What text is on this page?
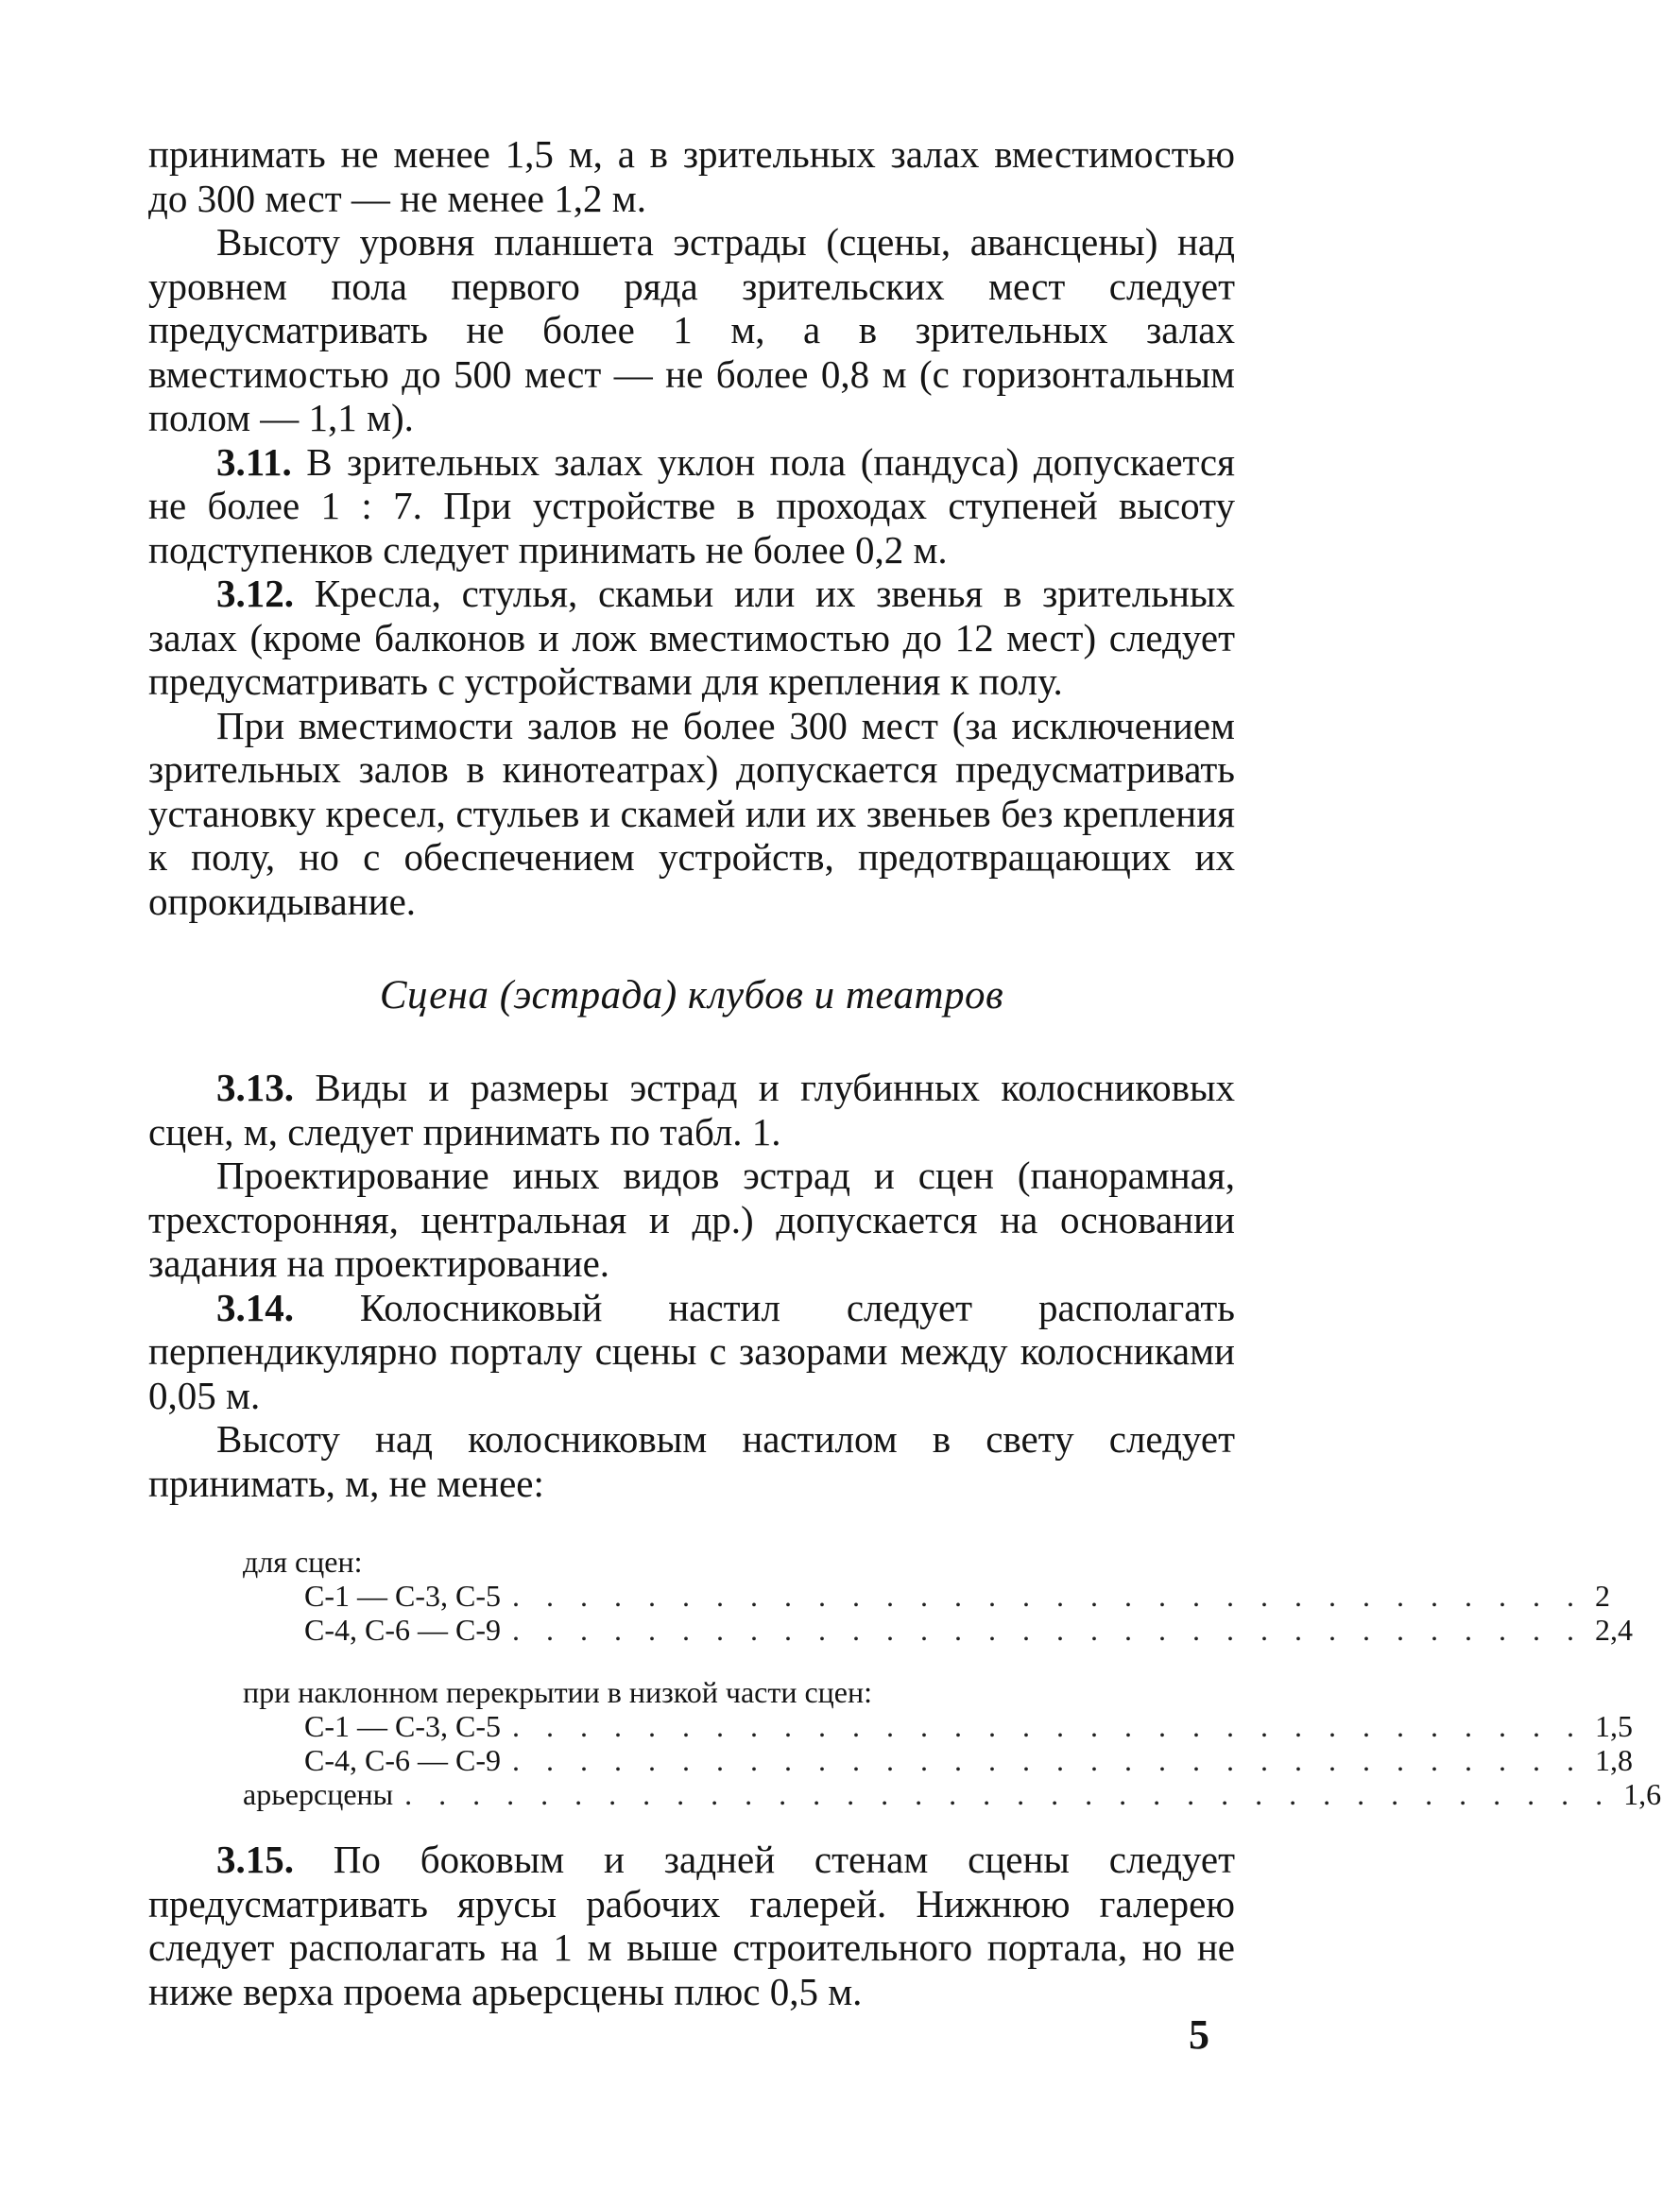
принимать не менее 1,5 м, а в зрительных залах вместимостью до 300 мест — не менее 1,2 м.

Высоту уровня планшета эстрады (сцены, авансцены) над уровнем пола первого ряда зрительских мест следует предусматривать не более 1 м, а в зрительных залах вместимостью до 500 мест — не более 0,8 м (с горизонтальным полом — 1,1 м).

3.11. В зрительных залах уклон пола (пандуса) допускается не более 1 : 7. При устройстве в проходах ступеней высоту подступенков следует принимать не более 0,2 м.

3.12. Кресла, стулья, скамьи или их звенья в зрительных залах (кроме балконов и лож вместимостью до 12 мест) следует предусматривать с устройствами для крепления к полу.

При вместимости залов не более 300 мест (за исключением зрительных залов в кинотеатрах) допускается предусматривать установку кресел, стульев и скамей или их звеньев без крепления к полу, но с обеспечением устройств, предотвращающих их опрокидывание.

Сцена (эстрада) клубов и театров

3.13. Виды и размеры эстрад и глубинных колосниковых сцен, м, следует принимать по табл. 1.

Проектирование иных видов эстрад и сцен (панорамная, трехсторонняя, центральная и др.) допускается на основании задания на проектирование.

3.14. Колосниковый настил следует располагать перпендикулярно порталу сцены с зазорами между колосниками 0,05 м.

Высоту над колосниковым настилом в свету следует принимать, м, не менее:

для сцен:
С-1 — С-3, С-5 . . . . . . . . . . . . . . . . . . . . . . . . . . . . . . . . 2
С-4, С-6 — С-9 . . . . . . . . . . . . . . . . . . . . . . . . . . . . . . . . 2,4
при наклонном перекрытии в низкой части сцен:
С-1 — С-3, С-5 . . . . . . . . . . . . . . . . . . . . . . . . . . . . . . . . 1,5
С-4, С-6 — С-9 . . . . . . . . . . . . . . . . . . . . . . . . . . . . . . . . 1,8
арьерсцены . . . . . . . . . . . . . . . . . . . . . . . . . . . . . . . . . . . . 1,6

3.15. По боковым и задней стенам сцены следует предусматривать ярусы рабочих галерей. Нижнюю галерею следует располагать на 1 м выше строительного портала, но не ниже верха проема арьерсцены плюс 0,5 м.

5
